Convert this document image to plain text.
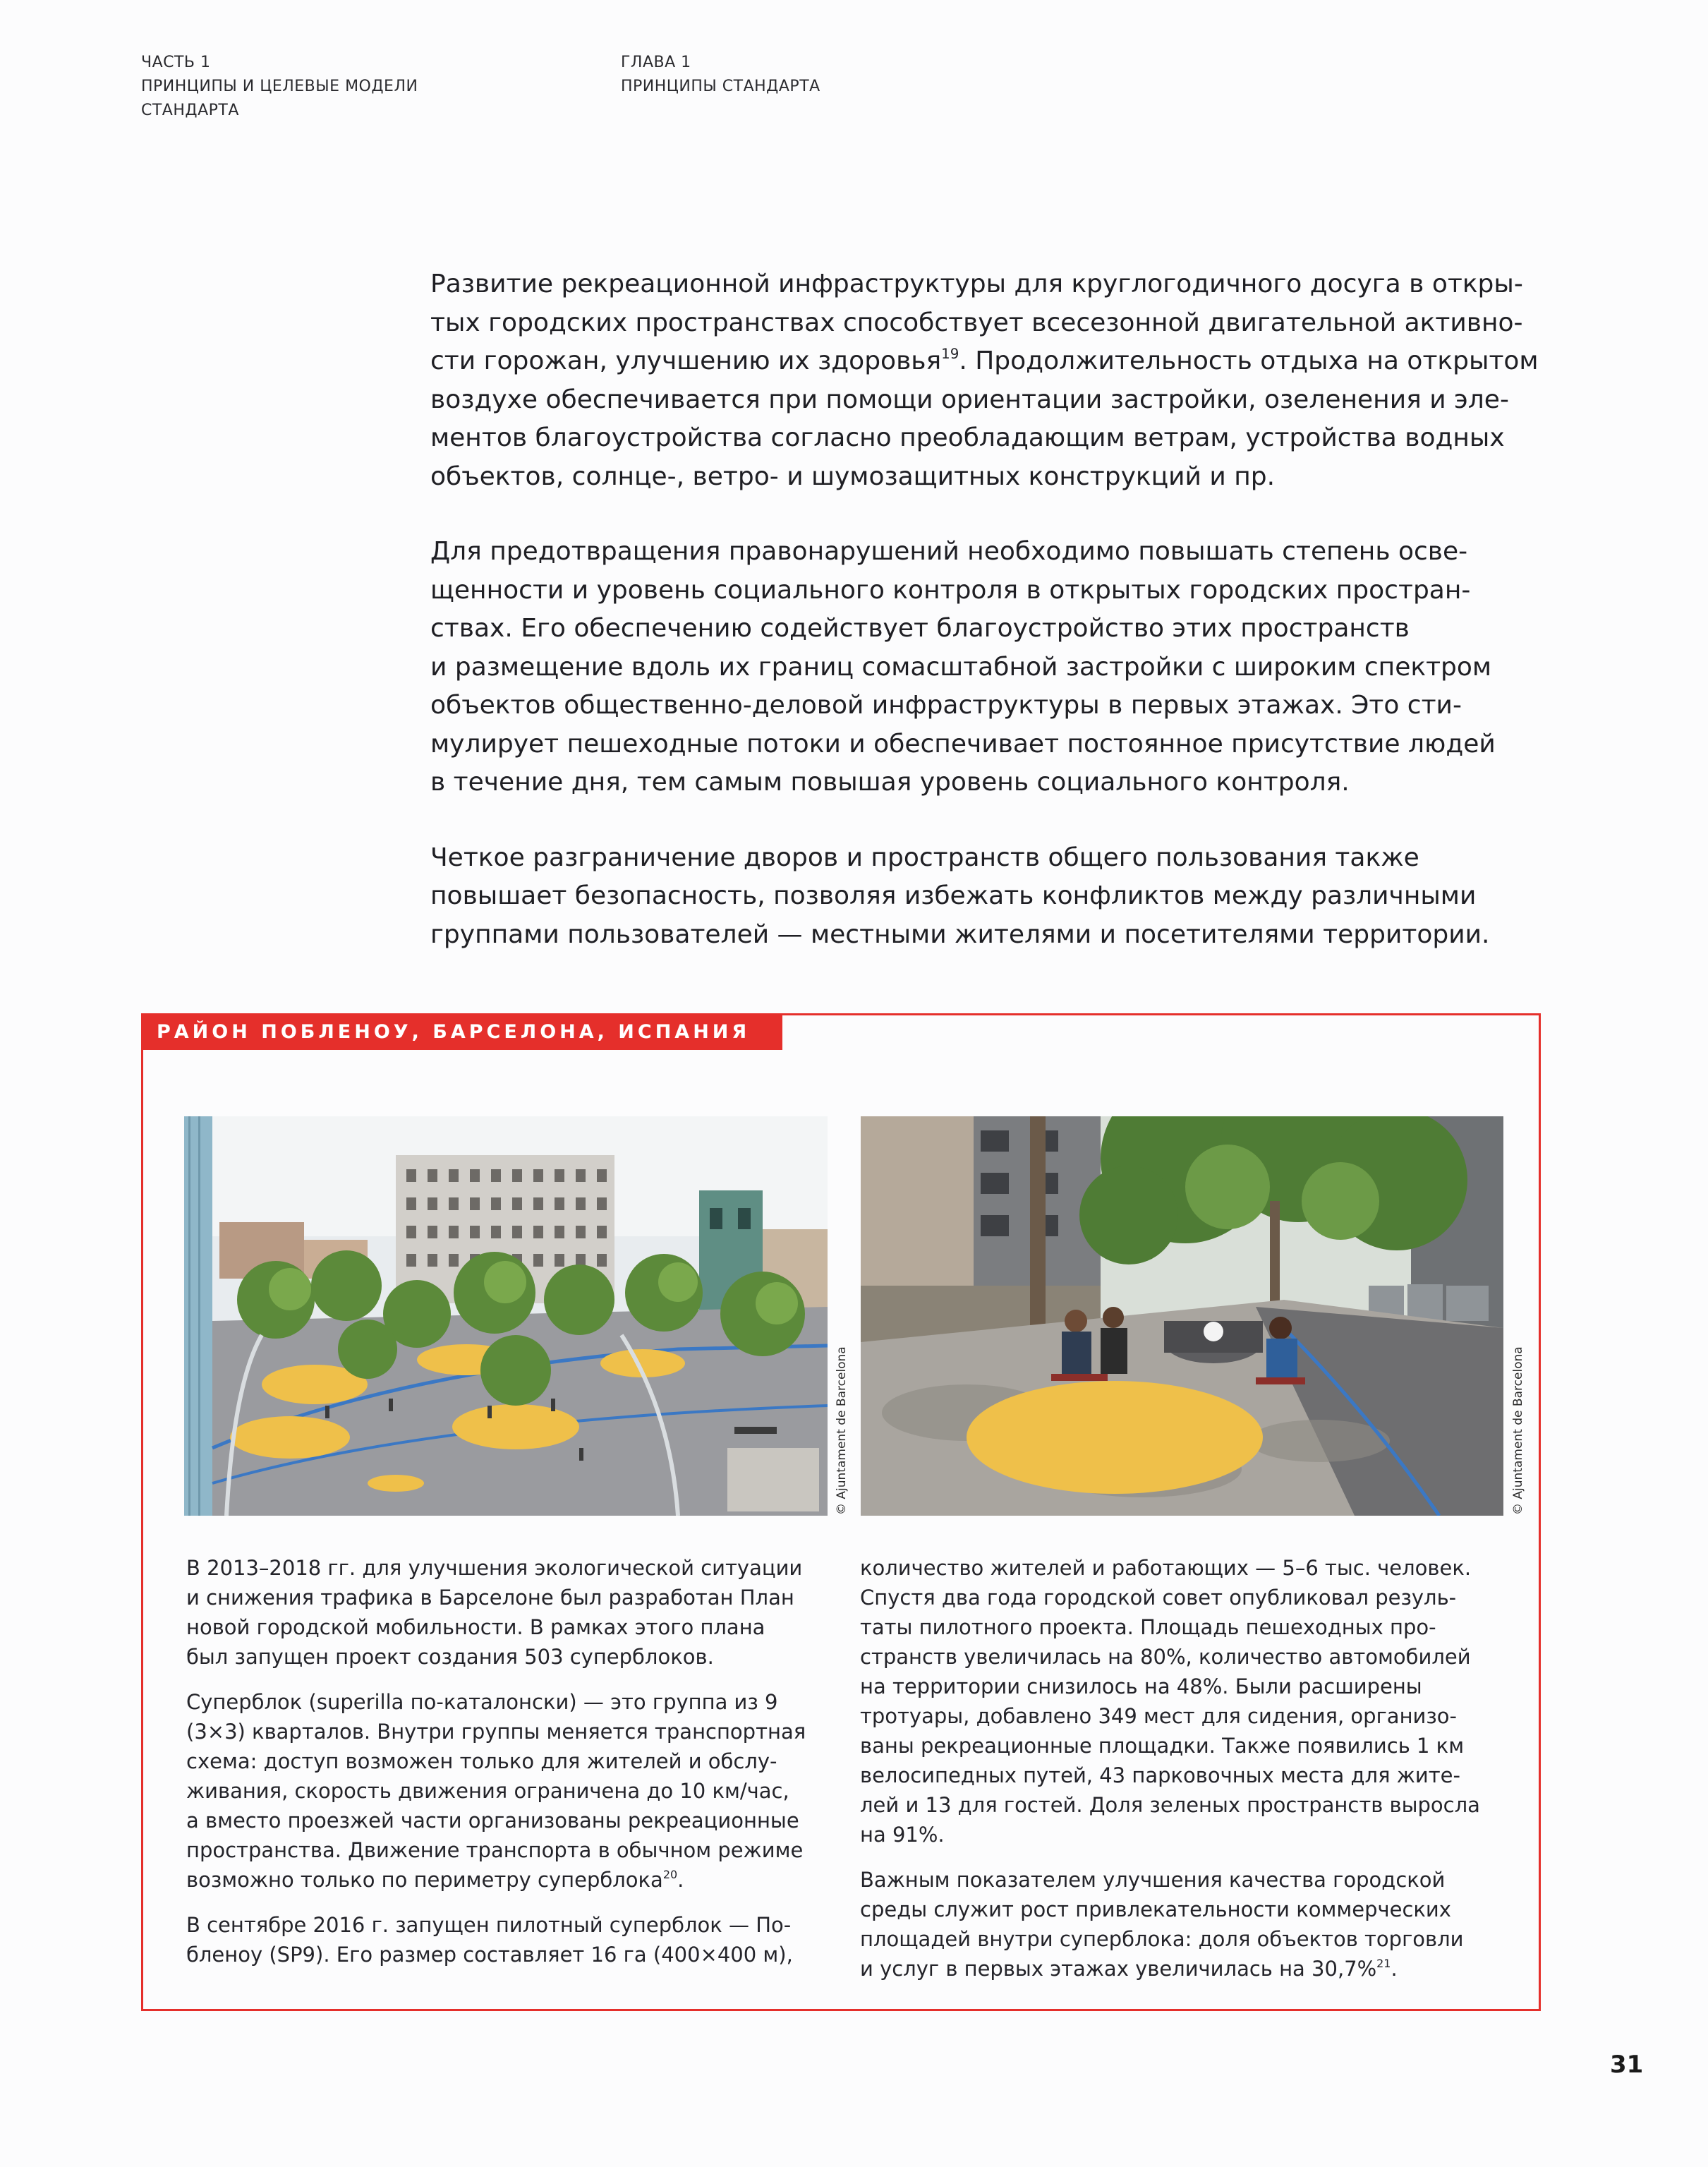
ЧАСТЬ 1
ПРИНЦИПЫ И ЦЕЛЕВЫЕ МОДЕЛИ
СТАНДАРТА
ГЛАВА 1
ПРИНЦИПЫ СТАНДАРТА

Развитие рекреационной инфраструктуры для круглогодичного досуга в откры-
тых городских пространствах способствует всесезонной двигательной активно-
сти горожан, улучшению их здоровья$^{19}$. Продолжительность отдыха на открытом
воздухе обеспечивается при помощи ориентации застройки, озеленения и эле-
ментов благоустройства согласно преобладающим ветрам, устройства водных
объектов, солнце-, ветро- и шумозащитных конструкций и пр.

Для предотвращения правонарушений необходимо повышать степень осве-
щенности и уровень социального контроля в открытых городских простран-
ствах. Его обеспечению содействует благоустройство этих пространств
и размещение вдоль их границ сомасштабной застройки с широким спектром
объектов общественно-деловой инфраструктуры в первых этажах. Это сти-
мулирует пешеходные потоки и обеспечивает постоянное присутствие людей
в течение дня, тем самым повышая уровень социального контроля.

Четкое разграничение дворов и пространств общего пользования также
повышает безопасность, позволяя избежать конфликтов между различными
группами пользователей — местными жителями и посетителями территории.

РАЙОН ПОБЛЕНОУ, БАРСЕЛОНА, ИСПАНИЯ
© Ajuntament de Barcelona	© Ajuntament de Barcelona

В 2013–2018 гг. для улучшения экологической ситуации
и снижения трафика в Барселоне был разработан План
новой городской мобильности. В рамках этого плана
был запущен проект создания 503 суперблоков.

Суперблок (superilla по-каталонски) — это группа из 9
(3×3) кварталов. Внутри группы меняется транспортная
схема: доступ возможен только для жителей и обслу-
живания, скорость движения ограничена до 10 км/час,
а вместо проезжей части организованы рекреационные
пространства. Движение транспорта в обычном режиме
возможно только по периметру суперблока$^{20}$.

В сентябре 2016 г. запущен пилотный суперблок — По-
бленоу (SP9). Его размер составляет 16 га (400×400 м),

количество жителей и работающих — 5–6 тыс. человек.
Спустя два года городской совет опубликовал резуль-
таты пилотного проекта. Площадь пешеходных про-
странств увеличилась на 80%, количество автомобилей
на территории снизилось на 48%. Были расширены
тротуары, добавлено 349 мест для сидения, организо-
ваны рекреационные площадки. Также появились 1 км
велосипедных путей, 43 парковочных места для жите-
лей и 13 для гостей. Доля зеленых пространств выросла
на 91%.

Важным показателем улучшения качества городской
среды служит рост привлекательности коммерческих
площадей внутри суперблока: доля объектов торговли
и услуг в первых этажах увеличилась на 30,7%$^{21}$.

31
